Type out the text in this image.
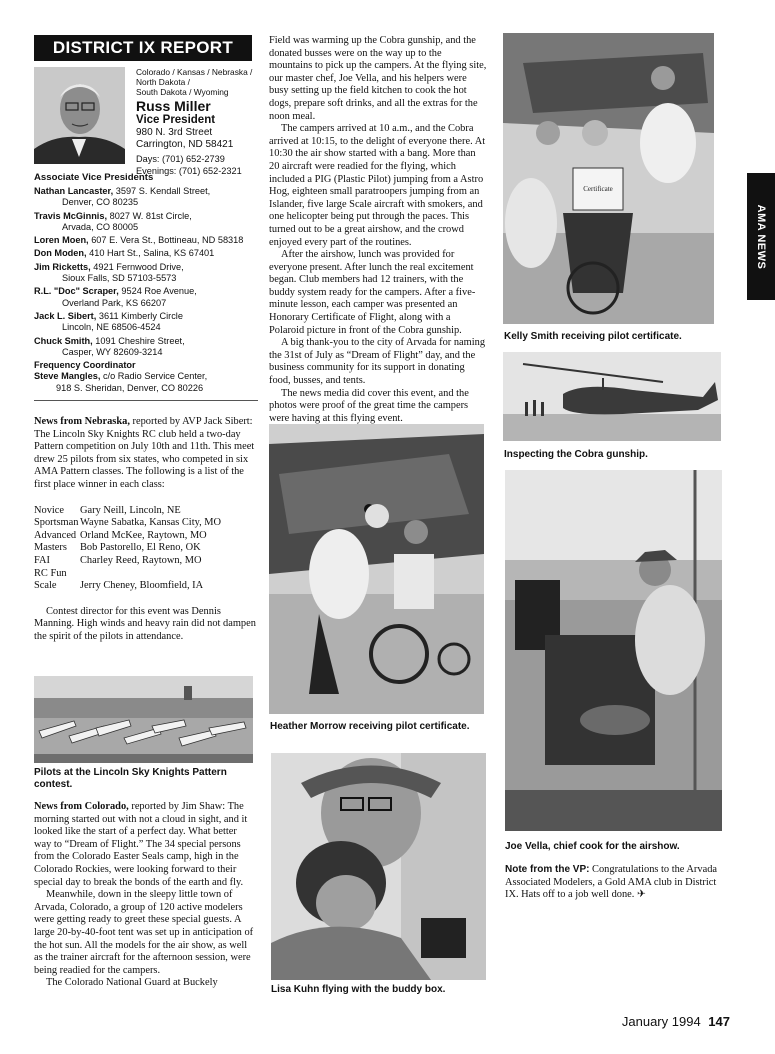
DISTRICT IX REPORT
Colorado / Kansas / Nebraska /
North Dakota /
South Dakota / Wyoming
Russ Miller
Vice President
980 N. 3rd Street
Carrington, ND 58421
Days: (701) 652-2739
Evenings: (701) 652-2321
Associate Vice Presidents
Nathan Lancaster, 3597 S. Kendall Street,
Denver, CO 80235
Travis McGinnis, 8027 W. 81st Circle,
Arvada, CO 80005
Loren Moen, 607 E. Vera St., Bottineau, ND 58318
Don Moden, 410 Hart St., Salina, KS 67401
Jim Ricketts, 4921 Fernwood Drive,
Sioux Falls, SD 57103-5573
R.L. "Doc" Scraper, 9524 Roe Avenue,
Overland Park, KS 66207
Jack L. Sibert, 3611 Kimberly Circle
Lincoln, NE 68506-4524
Chuck Smith, 1091 Cheshire Street,
Casper, WY 82609-3214
Frequency Coordinator
Steve Mangles, c/o Radio Service Center,
918 S. Sheridan, Denver, CO 80226

News from Nebraska, reported by AVP Jack Sibert: The Lincoln Sky Knights RC club held a two-day Pattern competition on July 10th and 11th. This meet drew 25 pilots from six states, who competed in six AMA Pattern classes. The following is a list of the first place winner in each class:

Novice	Gary Neill, Lincoln, NE
Sportsman	Wayne Sabatka, Kansas City, MO
Advanced	Orland McKee, Raytown, MO
Masters	Bob Pastorello, El Reno, OK
FAI	Charley Reed, Raytown, MO
RC Fun	
Scale	Jerry Cheney, Bloomfield, IA

Contest director for this event was Dennis Manning. High winds and heavy rain did not dampen the spirit of the pilots in attendance.

Pilots at the Lincoln Sky Knights Pattern contest.

News from Colorado, reported by Jim Shaw: The morning started out with not a cloud in sight, and it looked like the start of a perfect day. What better way to “Dream of Flight.” The 34 special persons from the Colorado Easter Seals camp, high in the Colorado Rockies, were looking forward to their special day to break the bonds of the earth and fly.

Meanwhile, down in the sleepy little town of Arvada, Colorado, a group of 120 active modelers were getting ready to greet these special guests. A large 20-by-40-foot tent was set up in anticipation of the hot sun. All the models for the air show, as well as the trainer aircraft for the afternoon session, were being readied for the campers.

The Colorado National Guard at Buckely

Field was warming up the Cobra gunship, and the donated busses were on the way up to the mountains to pick up the campers. At the flying site, our master chef, Joe Vella, and his helpers were busy setting up the field kitchen to cook the hot dogs, prepare soft drinks, and all the extras for the noon meal.

The campers arrived at 10 a.m., and the Cobra arrived at 10:15, to the delight of everyone there. At 10:30 the air show started with a bang. More than 20 aircraft were readied for the flying, which included a PIG (Plastic Pilot) jumping from a Astro Hog, eighteen small paratroopers jumping from an Islander, five large Scale aircraft with smokers, and one helicopter being put through the paces. This turned out to be a great airshow, and the crowd enjoyed every part of the routines.

After the airshow, lunch was provided for everyone present. After lunch the real excitement began. Club members had 12 trainers, with the buddy system ready for the campers. After a five-minute lesson, each camper was presented an Honorary Certificate of Flight, along with a Polaroid picture in front of the Cobra gunship.

A big thank-you to the city of Arvada for naming the 31st of July as “Dream of Flight” day, and the business community for its support in donating food, busses, and tents.

The news media did cover this event, and the photos were proof of the great time the campers were having at this flying event.

Heather Morrow receiving pilot certificate.
Lisa Kuhn flying with the buddy box.
Certificate
Kelly Smith receiving pilot certificate.
Inspecting the Cobra gunship.
Joe Vella, chief cook for the airshow.

Note from the VP: Congratulations to the Arvada Associated Modelers, a Gold AMA club in District IX. Hats off to a job well done. ✈

AMA NEWS
January 1994 147
